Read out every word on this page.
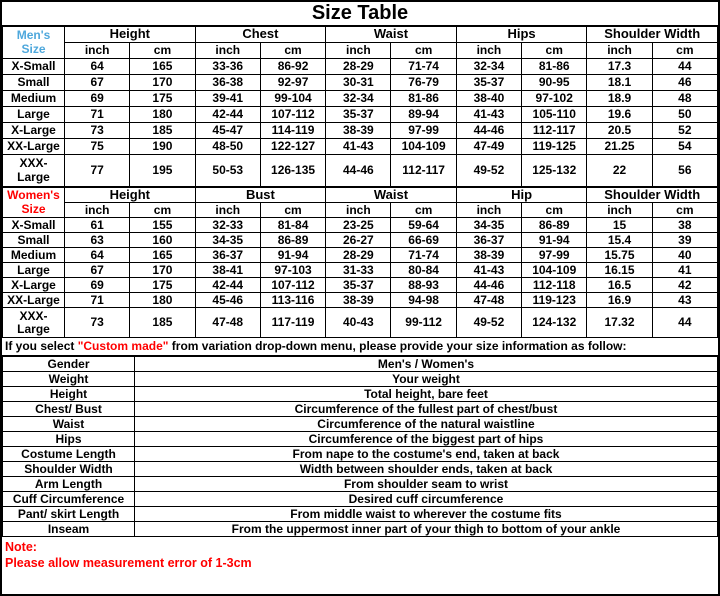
Size Table
Men's Size	Height		Chest		Waist		Hips		Shoulder Width	
	inch	cm	inch	cm	inch	cm	inch	cm	inch	cm
X-Small	64	165	33-36	86-92	28-29	71-74	32-34	81-86	17.3	44
Small	67	170	36-38	92-97	30-31	76-79	35-37	90-95	18.1	46
Medium	69	175	39-41	99-104	32-34	81-86	38-40	97-102	18.9	48
Large	71	180	42-44	107-112	35-37	89-94	41-43	105-110	19.6	50
X-Large	73	185	45-47	114-119	38-39	97-99	44-46	112-117	20.5	52
XX-Large	75	190	48-50	122-127	41-43	104-109	47-49	119-125	21.25	54
XXX-Large	77	195	50-53	126-135	44-46	112-117	49-52	125-132	22	56
Women's Size	Height		Bust		Waist		Hip		Shoulder Width	
	inch	cm	inch	cm	inch	cm	inch	cm	inch	cm
X-Small	61	155	32-33	81-84	23-25	59-64	34-35	86-89	15	38
Small	63	160	34-35	86-89	26-27	66-69	36-37	91-94	15.4	39
Medium	64	165	36-37	91-94	28-29	71-74	38-39	97-99	15.75	40
Large	67	170	38-41	97-103	31-33	80-84	41-43	104-109	16.15	41
X-Large	69	175	42-44	107-112	35-37	88-93	44-46	112-118	16.5	42
XX-Large	71	180	45-46	113-116	38-39	94-98	47-48	119-123	16.9	43
XXX-Large	73	185	47-48	117-119	40-43	99-112	49-52	124-132	17.32	44
If you select "Custom made" from variation drop-down menu, please provide your size information as follow:
Gender	Men's / Women's
Weight	Your weight
Height	Total height, bare feet
Chest/ Bust	Circumference of the fullest part of chest/bust
Waist	Circumference of the natural waistline
Hips	Circumference of the biggest part of hips
Costume Length	From nape to the costume's end, taken at back
Shoulder Width	Width between shoulder ends, taken at back
Arm Length	From shoulder seam to wrist
Cuff Circumference	Desired cuff circumference
Pant/ skirt Length	From middle waist to wherever the costume fits
Inseam	From the uppermost inner part of your thigh to bottom of your ankle
Note:
Please allow measurement error of 1-3cm
